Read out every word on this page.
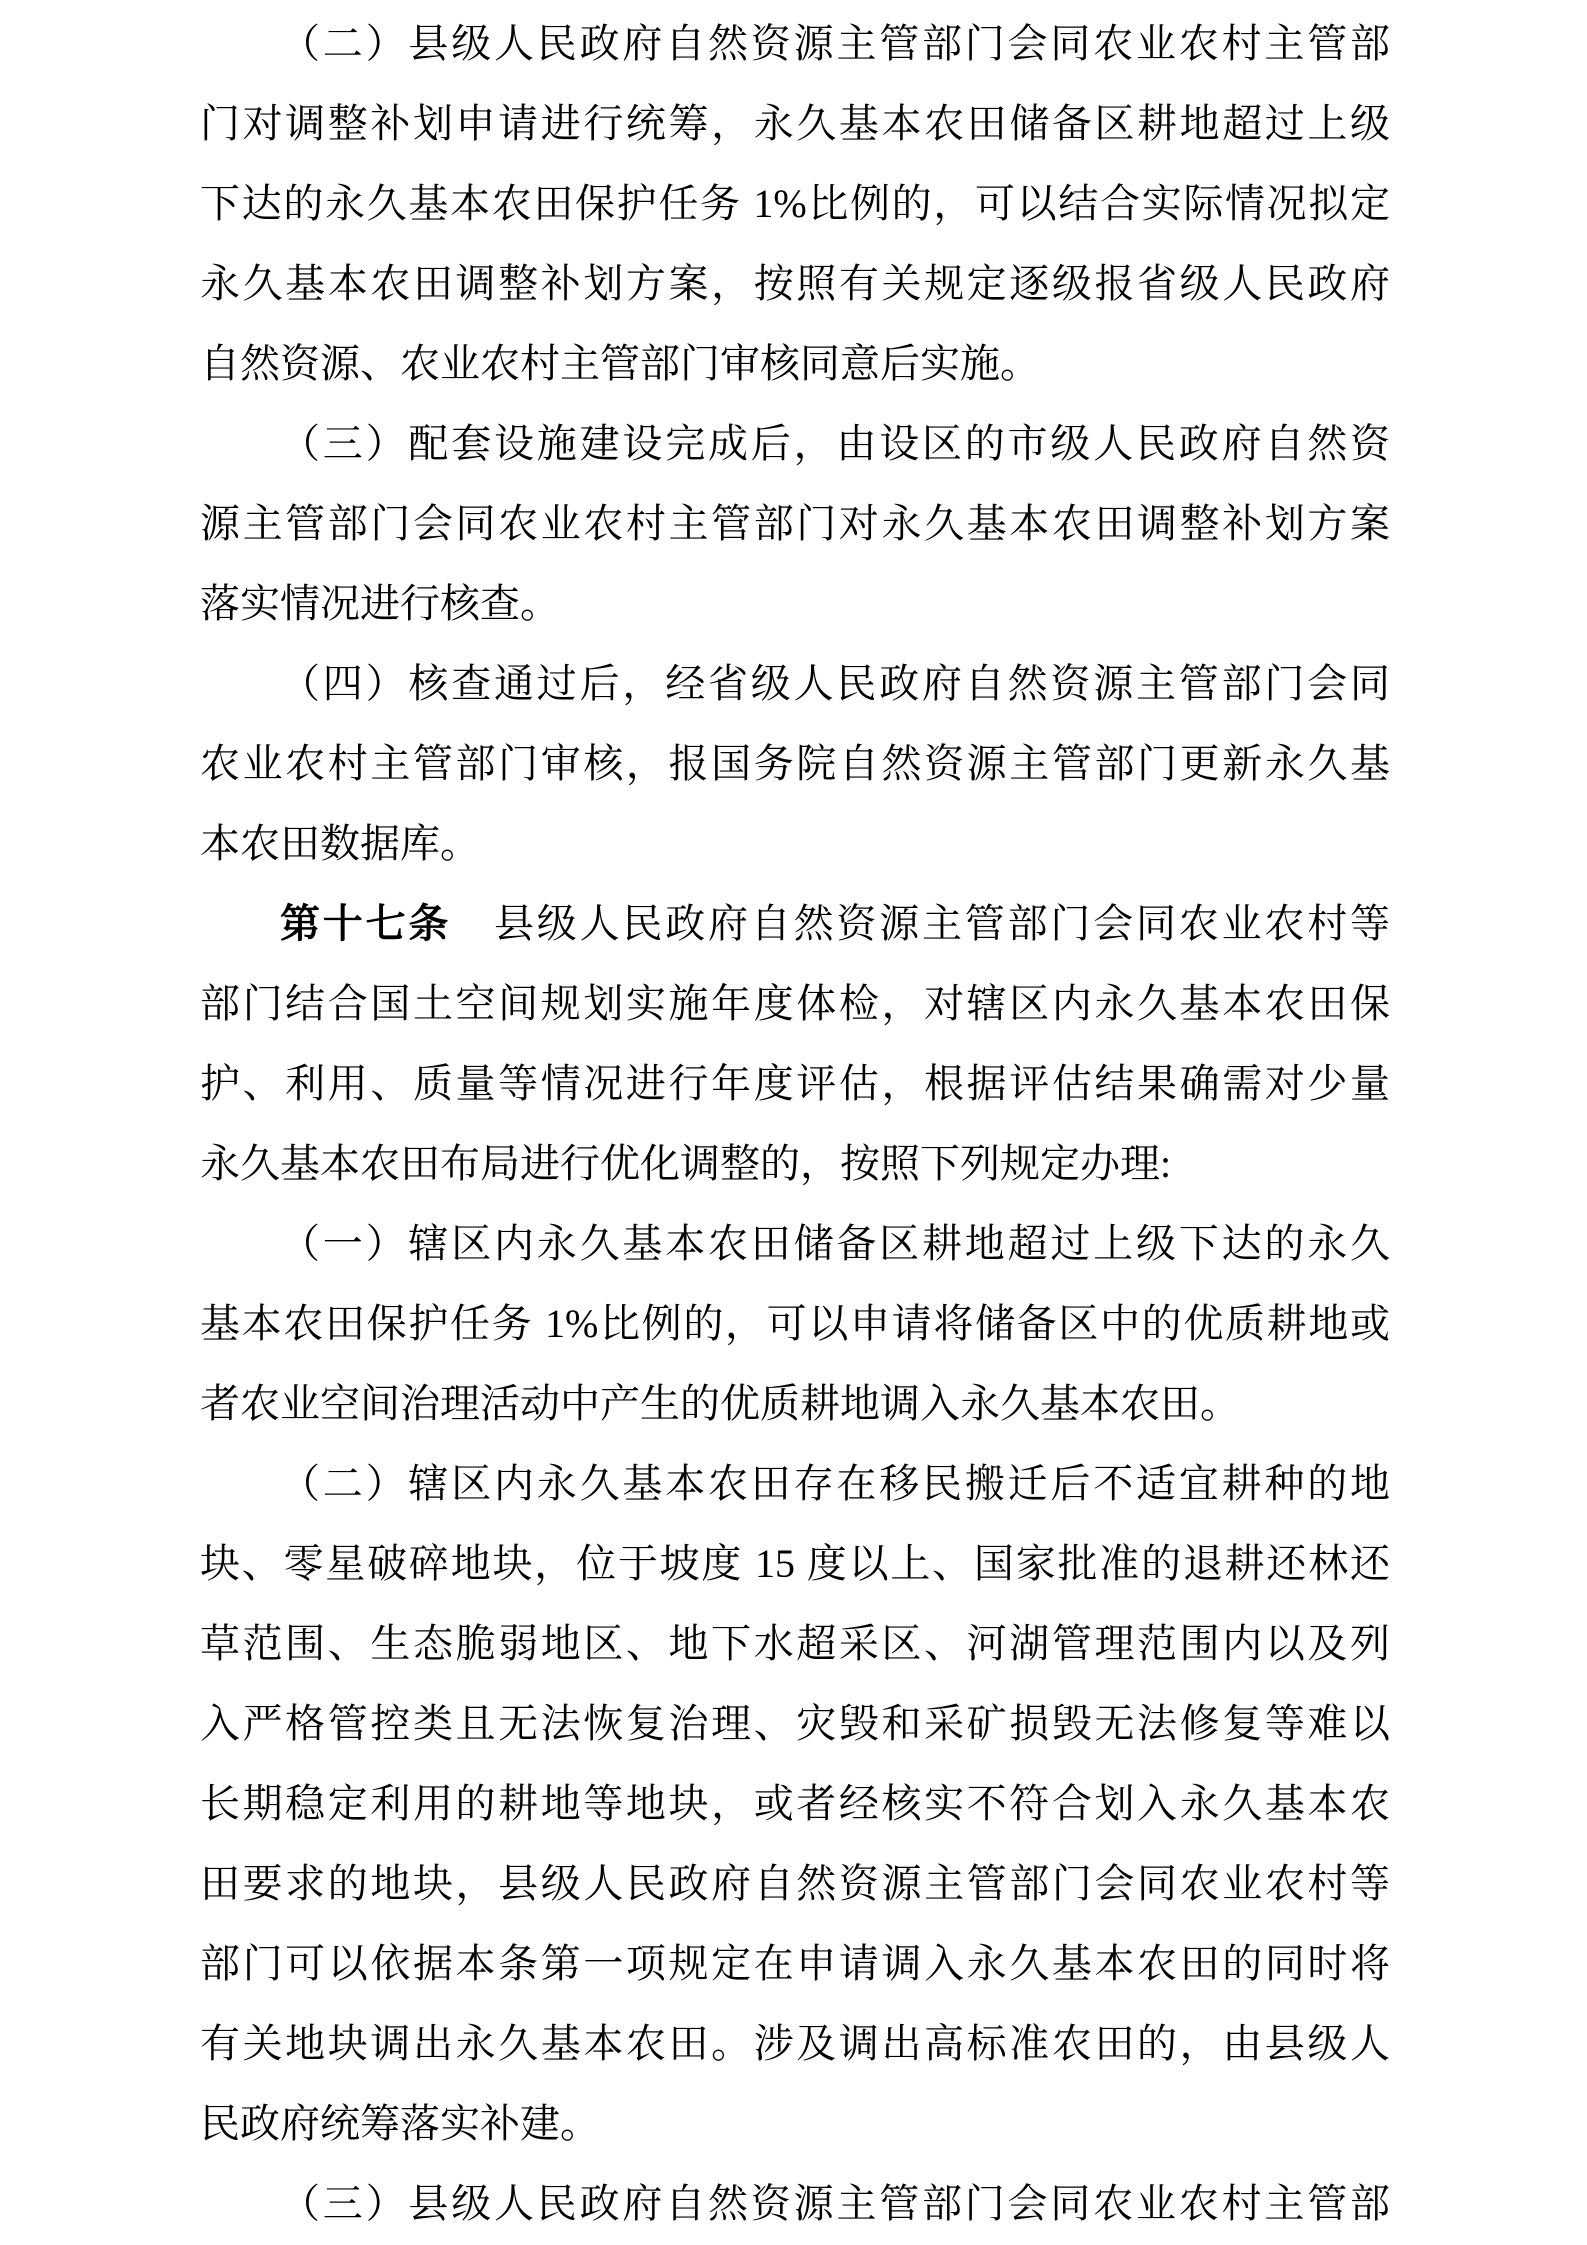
（二）县级人民政府自然资源主管部门会同农业农村主管部
门对调整补划申请进行统筹，永久基本农田储备区耕地超过上级
下达的永久基本农田保护任务 1%比例的，可以结合实际情况拟定
永久基本农田调整补划方案，按照有关规定逐级报省级人民政府
自然资源、农业农村主管部门审核同意后实施。
（三）配套设施建设完成后，由设区的市级人民政府自然资
源主管部门会同农业农村主管部门对永久基本农田调整补划方案
落实情况进行核查。
（四）核查通过后，经省级人民政府自然资源主管部门会同
农业农村主管部门审核，报国务院自然资源主管部门更新永久基
本农田数据库。
第十七条　县级人民政府自然资源主管部门会同农业农村等
部门结合国土空间规划实施年度体检，对辖区内永久基本农田保
护、利用、质量等情况进行年度评估，根据评估结果确需对少量
永久基本农田布局进行优化调整的，按照下列规定办理:
（一）辖区内永久基本农田储备区耕地超过上级下达的永久
基本农田保护任务 1%比例的，可以申请将储备区中的优质耕地或
者农业空间治理活动中产生的优质耕地调入永久基本农田。
（二）辖区内永久基本农田存在移民搬迁后不适宜耕种的地
块、零星破碎地块，位于坡度 15 度以上、国家批准的退耕还林还
草范围、生态脆弱地区、地下水超采区、河湖管理范围内以及列
入严格管控类且无法恢复治理、灾毁和采矿损毁无法修复等难以
长期稳定利用的耕地等地块，或者经核实不符合划入永久基本农
田要求的地块，县级人民政府自然资源主管部门会同农业农村等
部门可以依据本条第一项规定在申请调入永久基本农田的同时将
有关地块调出永久基本农田。涉及调出高标准农田的，由县级人
民政府统筹落实补建。
（三）县级人民政府自然资源主管部门会同农业农村主管部
